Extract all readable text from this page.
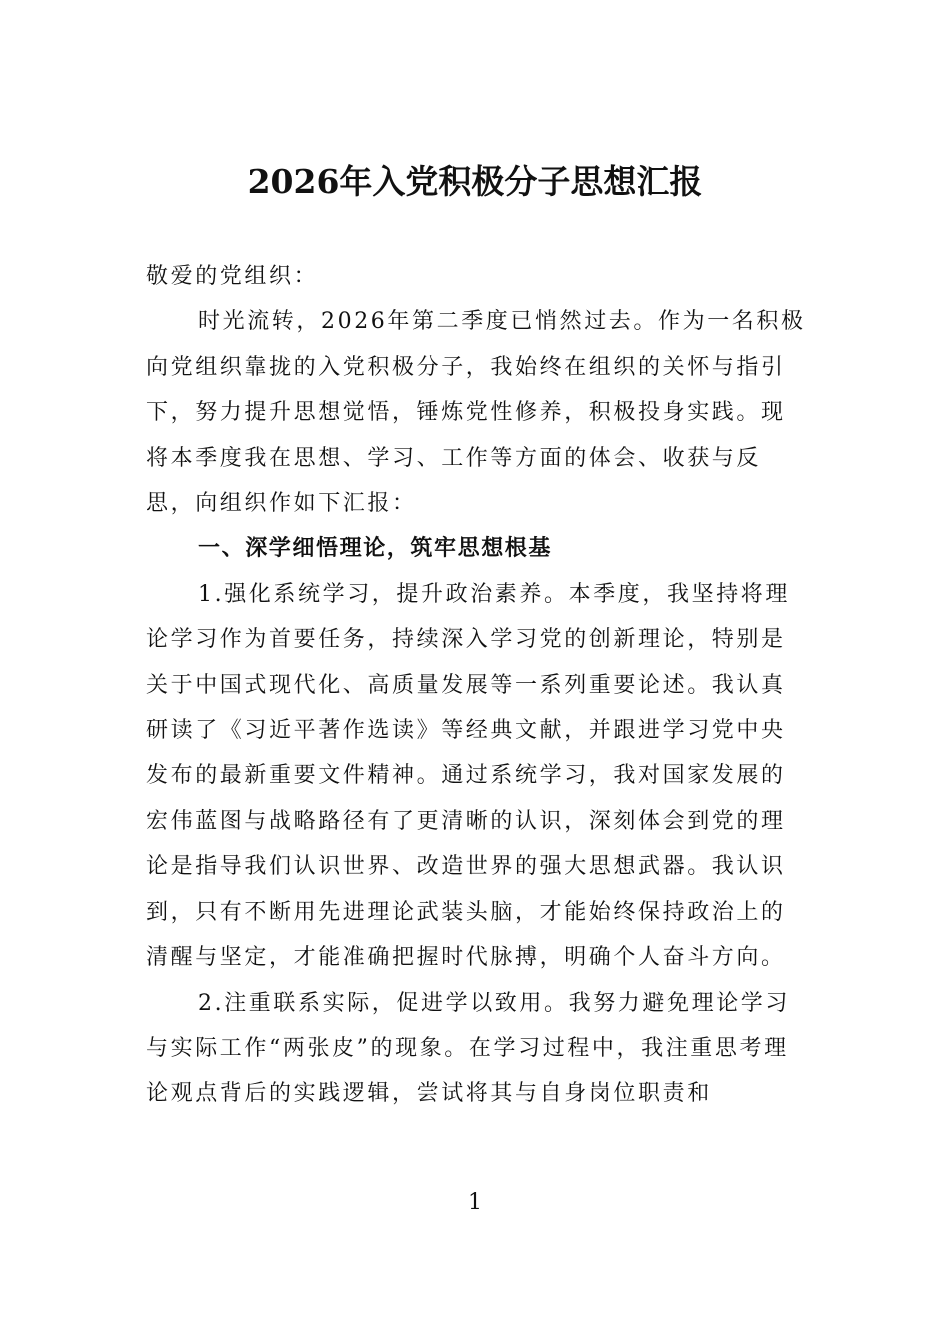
2026年入党积极分子思想汇报

敬爱的党组织：

时光流转，2026年第二季度已悄然过去。作为一名积极向党组织靠拢的入党积极分子，我始终在组织的关怀与指引下，努力提升思想觉悟，锤炼党性修养，积极投身实践。现将本季度我在思想、学习、工作等方面的体会、收获与反思，向组织作如下汇报：

一、深学细悟理论，筑牢思想根基

1.强化系统学习，提升政治素养。本季度，我坚持将理论学习作为首要任务，持续深入学习党的创新理论，特别是关于中国式现代化、高质量发展等一系列重要论述。我认真研读了《习近平著作选读》等经典文献，并跟进学习党中央发布的最新重要文件精神。通过系统学习，我对国家发展的宏伟蓝图与战略路径有了更清晰的认识，深刻体会到党的理论是指导我们认识世界、改造世界的强大思想武器。我认识到，只有不断用先进理论武装头脑，才能始终保持政治上的清醒与坚定，才能准确把握时代脉搏，明确个人奋斗方向。

2.注重联系实际，促进学以致用。我努力避免理论学习与实际工作“两张皮”的现象。在学习过程中，我注重思考理论观点背后的实践逻辑，尝试将其与自身岗位职责和

1
